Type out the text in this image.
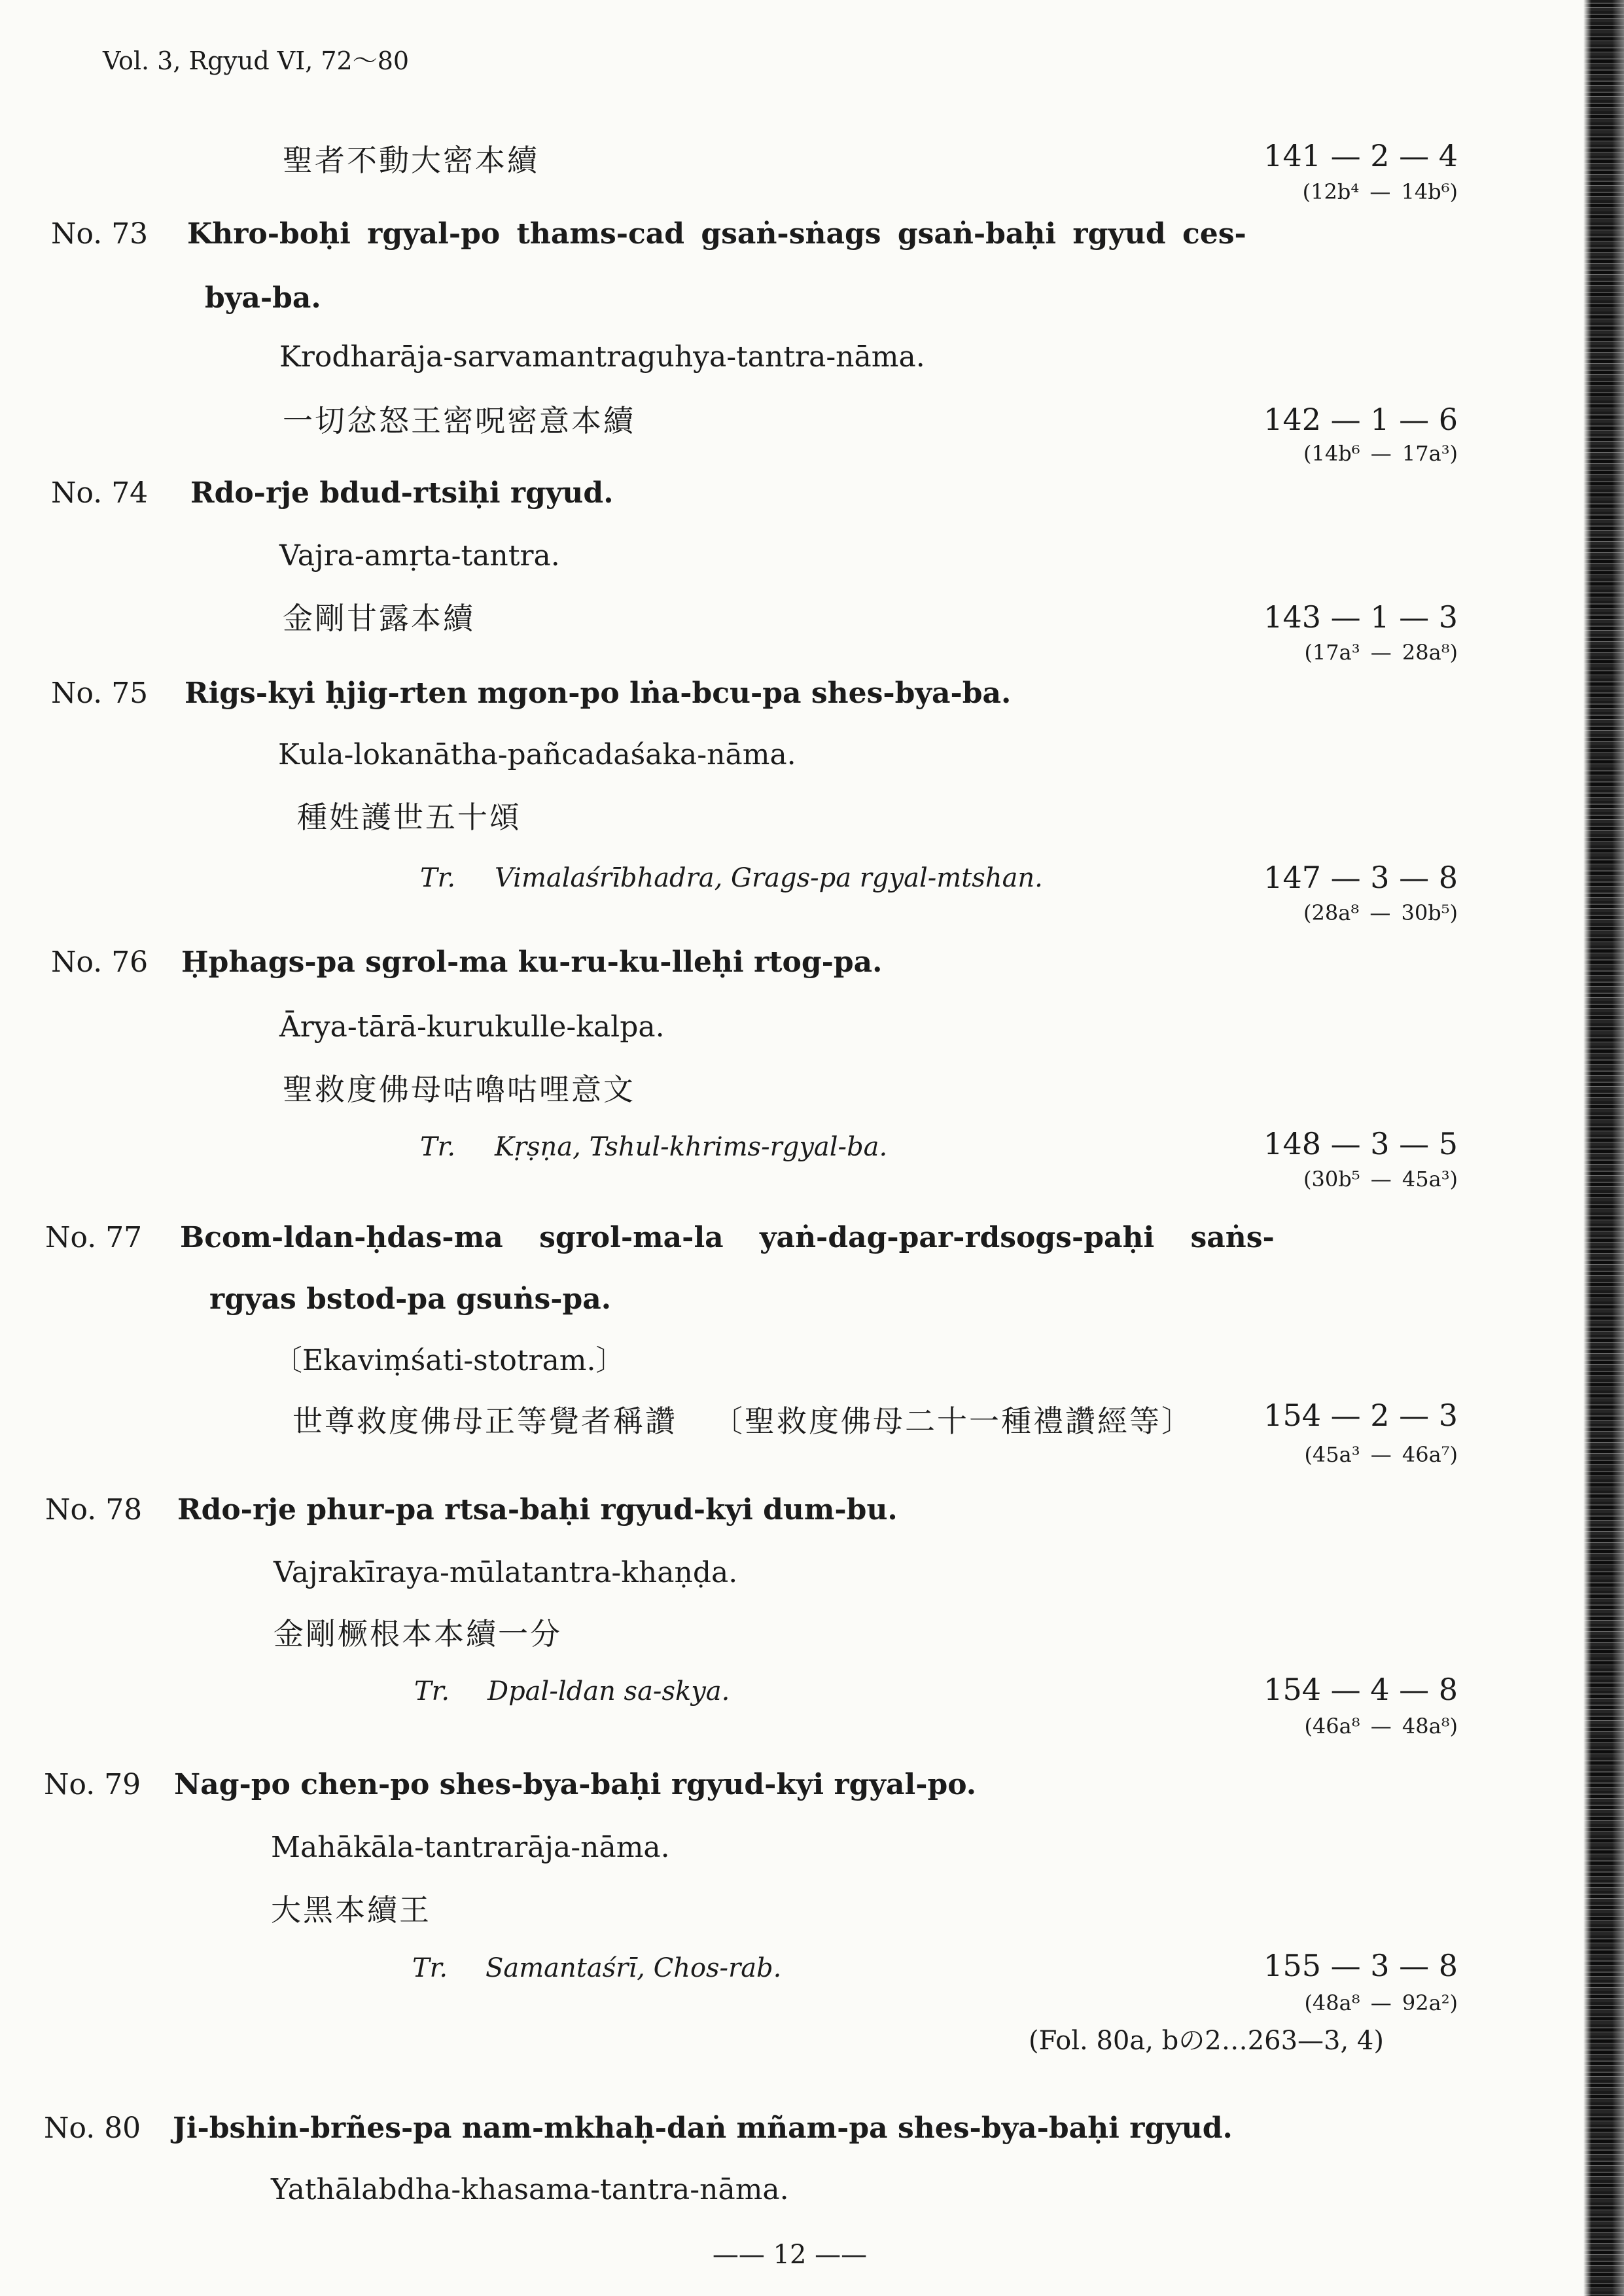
Vol. 3, Rgyud VI, 72〜80
聖者不動大密本續	141 — 2 — 4
(12b⁴ — 14b⁶)
No. 73 Khro-boḥi rgyal-po thams-cad gsaṅ-sṅags gsaṅ-baḥi rgyud ces-
bya-ba.
Krodharāja-sarvamantraguhya-tantra-nāma.
一切忿怒王密呪密意本續	142 — 1 — 6
(14b⁶ — 17a³)
No. 74 Rdo-rje bdud-rtsiḥi rgyud.
Vajra-amṛta-tantra.
金剛甘露本續	143 — 1 — 3
(17a³ — 28a⁸)
No. 75 Rigs-kyi ḥjig-rten mgon-po lṅa-bcu-pa shes-bya-ba.
Kula-lokanātha-pañcadaśaka-nāma.
種姓護世五十頌
Tr. Vimalaśrībhadra, Grags-pa rgyal-mtshan.	147 — 3 — 8
(28a⁸ — 30b⁵)
No. 76 Ḥphags-pa sgrol-ma ku-ru-ku-lleḥi rtog-pa.
Ārya-tārā-kurukulle-kalpa.
聖救度佛母咕嚕咕哩意文
Tr. Kṛṣṇa, Tshul-khrims-rgyal-ba.	148 — 3 — 5
(30b⁵ — 45a³)
No. 77 Bcom-ldan-ḥdas-ma sgrol-ma-la yaṅ-dag-par-rdsogs-paḥi saṅs-
rgyas bstod-pa gsuṅs-pa.
〔Ekaviṃśati-stotram.〕
世尊救度佛母正等覺者稱讚 〔聖救度佛母二十一種禮讚經等〕 154 — 2 — 3
(45a³ — 46a⁷)
No. 78 Rdo-rje phur-pa rtsa-baḥi rgyud-kyi dum-bu.
Vajrakīraya-mūlatantra-khaṇḍa.
金剛橛根本本續一分
Tr. Dpal-ldan sa-skya.	154 — 4 — 8
(46a⁸ — 48a⁸)
No. 79 Nag-po chen-po shes-bya-baḥi rgyud-kyi rgyal-po.
Mahākāla-tantrarāja-nāma.
大黑本續王
Tr. Samantaśrī, Chos-rab.	155 — 3 — 8
(48a⁸ — 92a²)
(Fol. 80a, bの2…263—3, 4)
No. 80 Ji-bshin-brñes-pa nam-mkhaḥ-daṅ mñam-pa shes-bya-baḥi rgyud.
Yathālabdha-khasama-tantra-nāma.
—— 12 ——
